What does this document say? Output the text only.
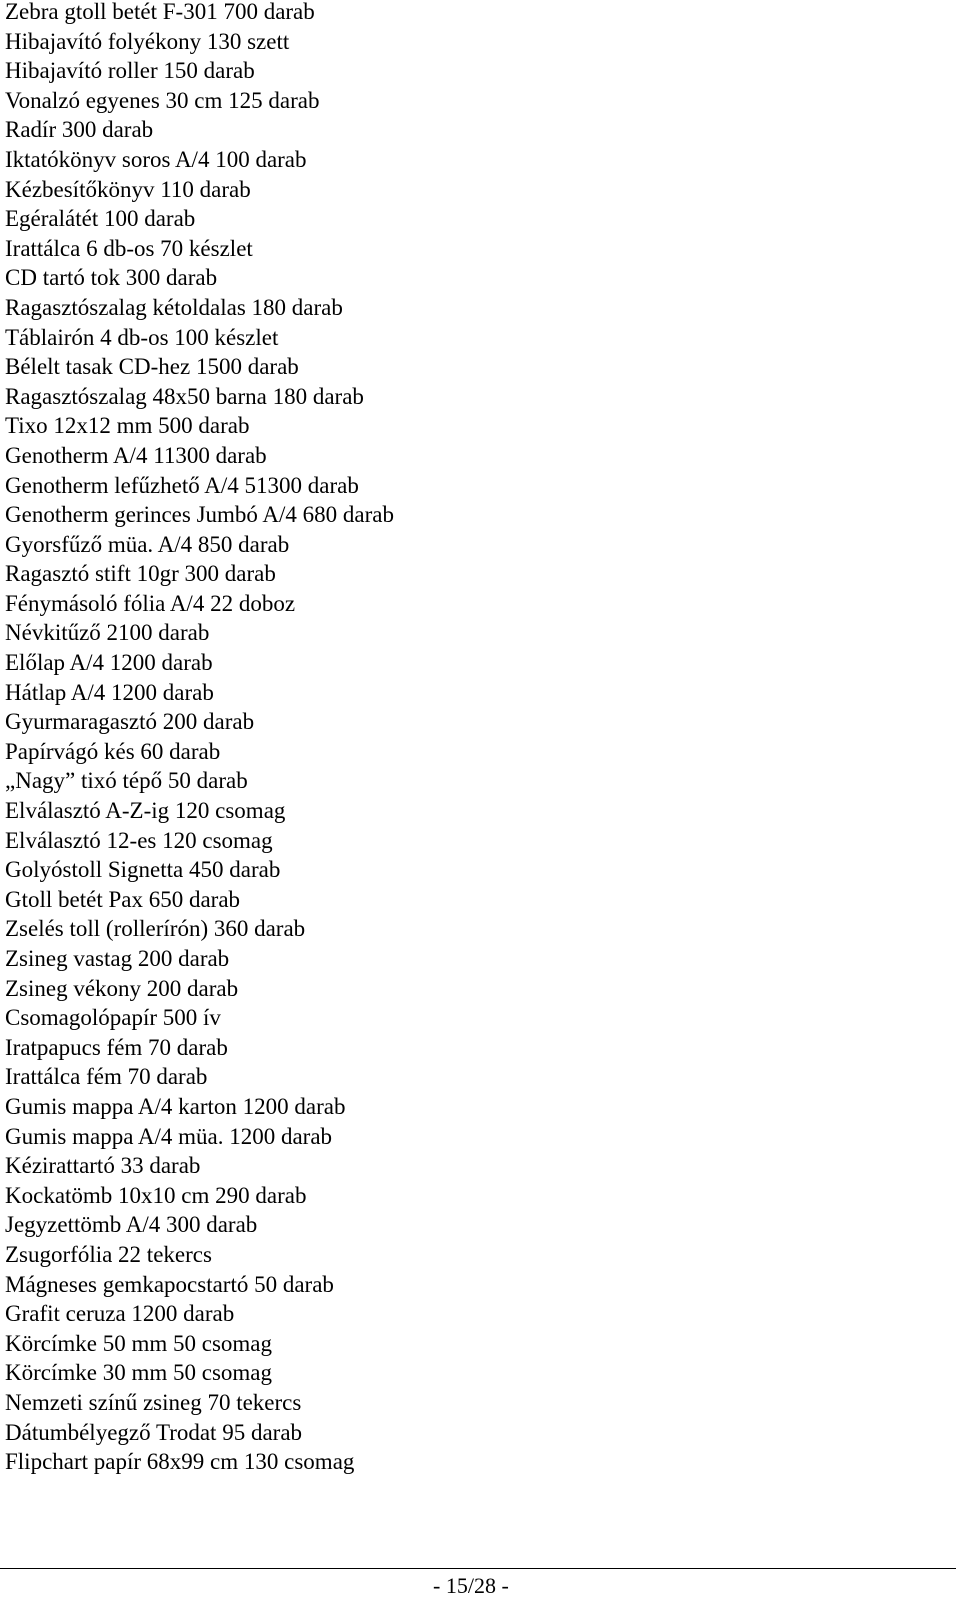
Zebra gtoll betét F-301 700 darab
Hibajavító folyékony 130 szett
Hibajavító roller 150 darab
Vonalzó egyenes 30 cm 125 darab
Radír 300 darab
Iktatókönyv soros A/4 100 darab
Kézbesítőkönyv 110 darab
Egéralátét 100 darab
Irattálca 6 db-os 70 készlet
CD tartó tok 300 darab
Ragasztószalag kétoldalas 180 darab
Táblairón 4 db-os 100 készlet
Bélelt tasak CD-hez 1500 darab
Ragasztószalag 48x50 barna 180 darab
Tixo 12x12 mm 500 darab
Genotherm A/4 11300 darab
Genotherm lefűzhető A/4 51300 darab
Genotherm gerinces Jumbó A/4 680 darab
Gyorsfűző müa. A/4 850 darab
Ragasztó stift 10gr 300 darab
Fénymásoló fólia A/4 22 doboz
Névkitűző 2100 darab
Előlap A/4 1200 darab
Hátlap A/4 1200 darab
Gyurmaragasztó 200 darab
Papírvágó kés 60 darab
„Nagy” tixó tépő 50 darab
Elválasztó A-Z-ig 120 csomag
Elválasztó 12-es 120 csomag
Golyóstoll Signetta 450 darab
Gtoll betét Pax 650 darab
Zselés toll (rollerírón) 360 darab
Zsineg vastag 200 darab
Zsineg vékony 200 darab
Csomagolópapír 500 ív
Iratpapucs fém 70 darab
Irattálca fém 70 darab
Gumis mappa A/4 karton 1200 darab
Gumis mappa A/4 müa. 1200 darab
Kézirattartó 33 darab
Kockatömb 10x10 cm 290 darab
Jegyzettömb A/4 300 darab
Zsugorfólia 22 tekercs
Mágneses gemkapocstartó 50 darab
Grafit ceruza 1200 darab
Körcímke 50 mm 50 csomag
Körcímke 30 mm 50 csomag
Nemzeti színű zsineg 70 tekercs
Dátumbélyegző Trodat 95 darab
Flipchart papír 68x99 cm 130 csomag
- 15/28 -
